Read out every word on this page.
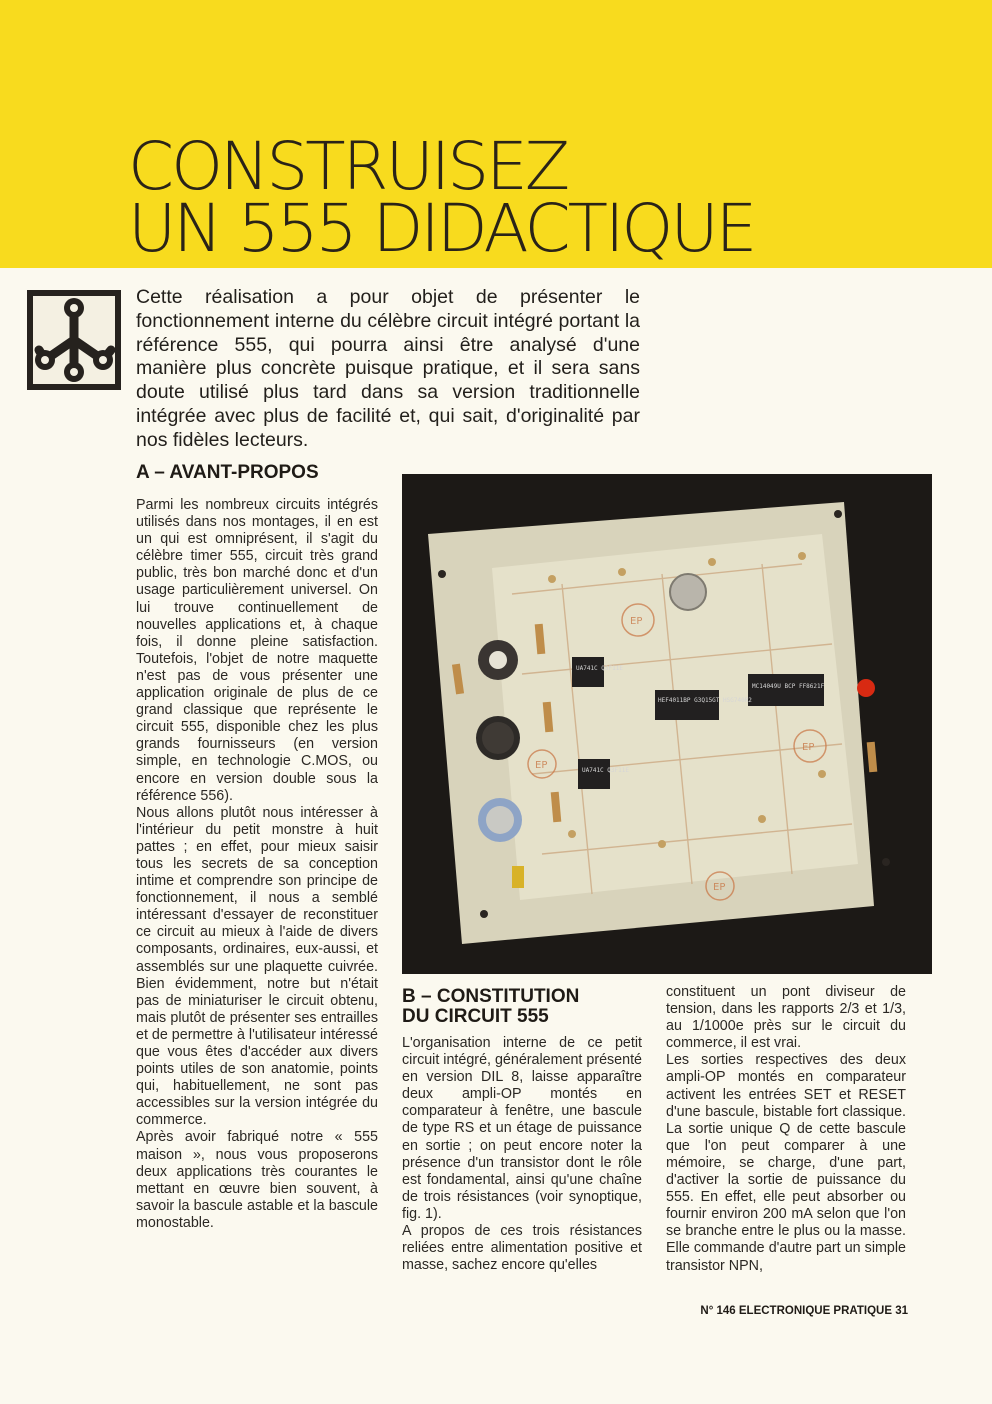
CONSTRUISEZ
UN 555 DIDACTIQUE

Cette réalisation a pour objet de présenter le fonctionnement interne du célèbre circuit intégré portant la référence 555, qui pourra ainsi être analysé d'une manière plus concrète puisque pratique, et il sera sans doute utilisé plus tard dans sa version traditionnelle intégrée avec plus de facilité et, qui sait, d'originalité par nos fidèles lecteurs.

A – AVANT-PROPOS

Parmi les nombreux circuits intégrés utilisés dans nos montages, il en est un qui est omniprésent, il s'agit du célèbre timer 555, circuit très grand public, très bon marché donc et d'un usage particulièrement universel. On lui trouve continuellement de nouvelles applications et, à chaque fois, il donne pleine satisfaction. Toutefois, l'objet de notre maquette n'est pas de vous présenter une application originale de plus de ce grand classique que représente le circuit 555, disponible chez les plus grands fournisseurs (en version simple, en technologie C.MOS, ou encore en version double sous la référence 556).

Nous allons plutôt nous intéresser à l'intérieur du petit monstre à huit pattes ; en effet, pour mieux saisir tous les secrets de sa conception intime et comprendre son principe de fonctionnement, il nous a semblé intéressant d'essayer de reconstituer ce circuit au mieux à l'aide de divers composants, ordinaires, eux-aussi, et assemblés sur une plaquette cuivrée. Bien évidemment, notre but n'était pas de miniaturiser le circuit obtenu, mais plutôt de présenter ses entrailles et de permettre à l'utilisateur intéressé que vous êtes d'accéder aux divers points utiles de son anatomie, points qui, habituellement, ne sont pas accessibles sur la version intégrée du commerce.

Après avoir fabriqué notre « 555 maison », nous vous proposerons deux applications très courantes le mettant en œuvre bien souvent, à savoir la bascule astable et la bascule monostable.

UA741C Q3F11E
UA741C Q3F11E
HEF4011BP G3Q15GT HSG740R2
MC14049U BCP FF8621F
EP
EP
EP
EP
B – CONSTITUTION
DU CIRCUIT 555

L'organisation interne de ce petit circuit intégré, généralement présenté en version DIL 8, laisse apparaître deux ampli-OP montés en comparateur à fenêtre, une bascule de type RS et un étage de puissance en sortie ; on peut encore noter la présence d'un transistor dont le rôle est fondamental, ainsi qu'une chaîne de trois résistances (voir synoptique, fig. 1).

A propos de ces trois résistances reliées entre alimentation positive et masse, sachez encore qu'elles

constituent un pont diviseur de tension, dans les rapports 2/3 et 1/3, au 1/1000e près sur le circuit du commerce, il est vrai.

Les sorties respectives des deux ampli-OP montés en comparateur activent les entrées SET et RESET d'une bascule, bistable fort classique. La sortie unique Q de cette bascule que l'on peut comparer à une mémoire, se charge, d'une part, d'activer la sortie de puissance du 555. En effet, elle peut absorber ou fournir environ 200 mA selon que l'on se branche entre le plus ou la masse. Elle commande d'autre part un simple transistor NPN,

N° 146 ELECTRONIQUE PRATIQUE 31
